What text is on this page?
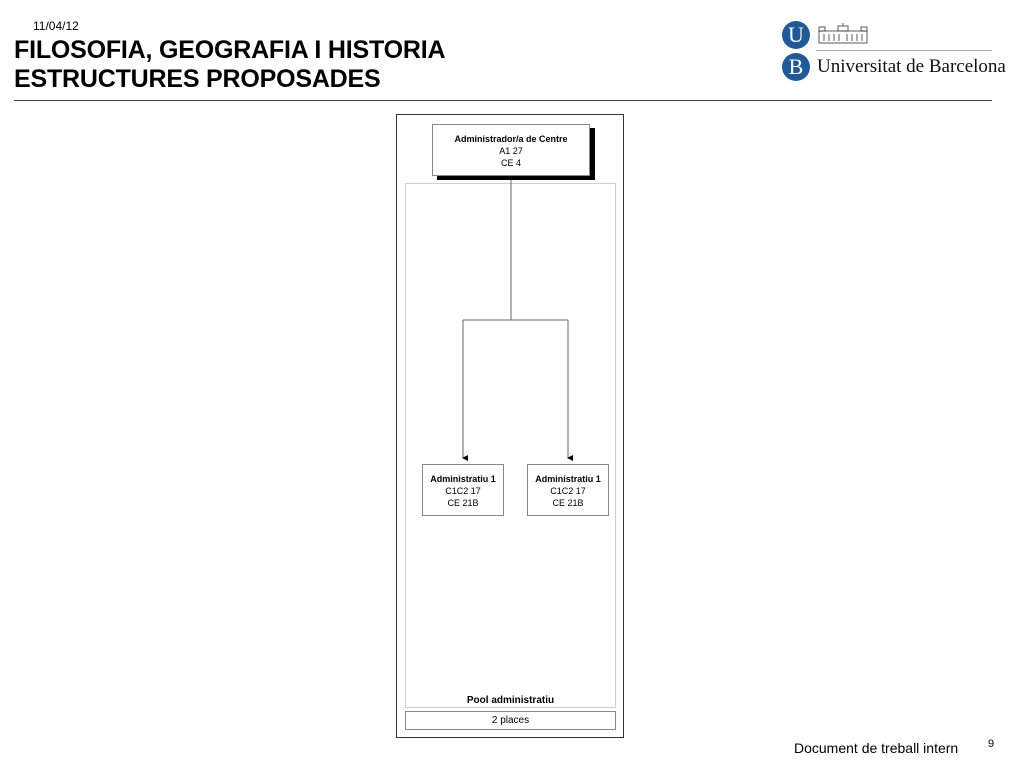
11/04/12
FILOSOFIA, GEOGRAFIA I HISTORIA
ESTRUCTURES PROPOSADES
U
B Universitat de Barcelona
Administrador/a de Centre
A1 27
CE 4
Administratiu 1
C1C2 17
CE 21B
Administratiu 1
C1C2 17
CE 21B
Pool administratiu
2 places
Document de treball intern	9
